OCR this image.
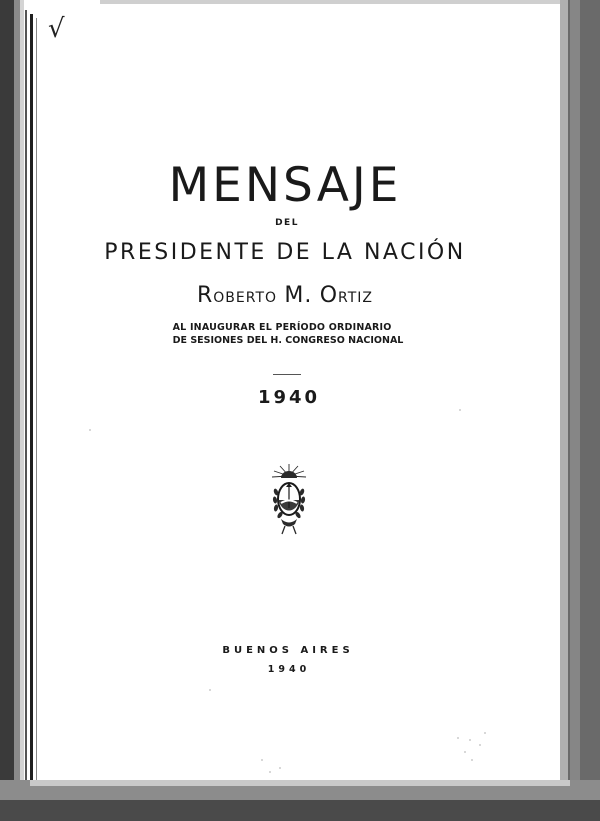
√
MENSAJE
DEL
PRESIDENTE DE LA NACIÓN
Roberto M. Ortiz
AL INAUGURAR EL PERÍODO ORDINARIO
DE SESIONES DEL H. CONGRESO NACIONAL
1940
BUENOS AIRES
1940
